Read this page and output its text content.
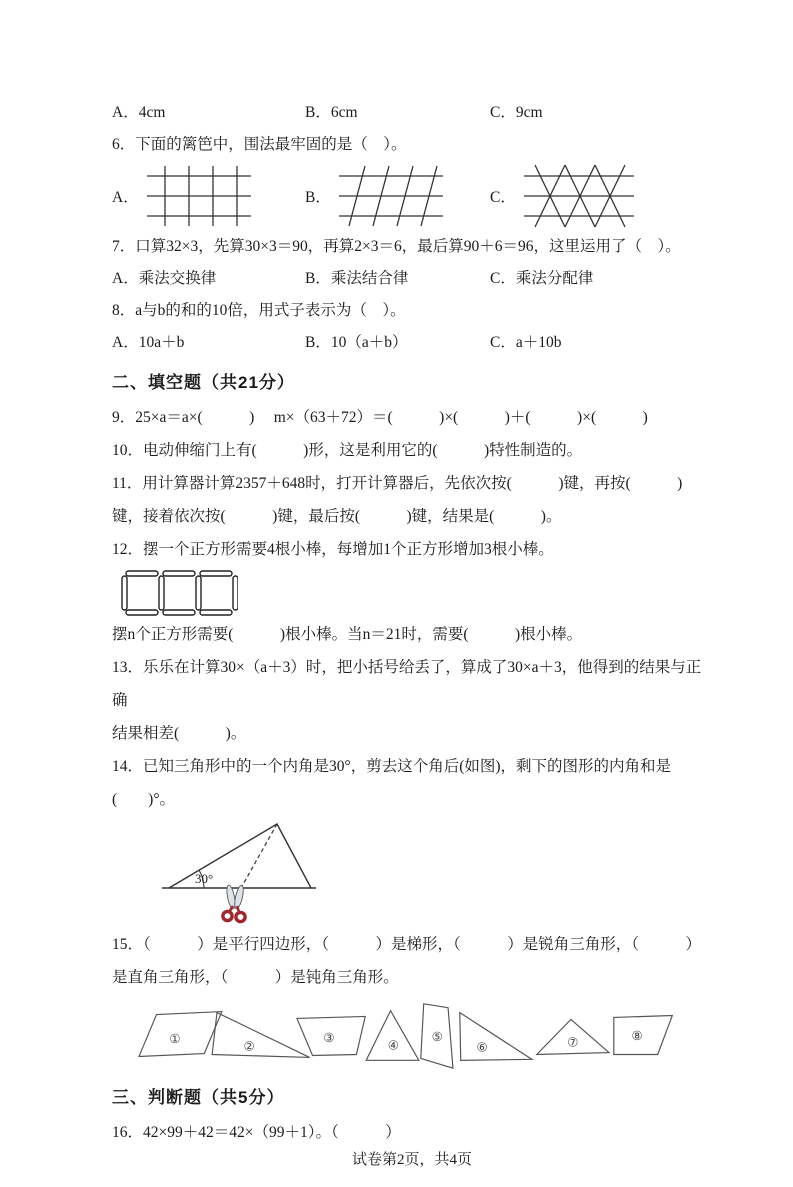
A．4cm	B．6cm	C．9cm
6．下面的篱笆中，围法最牢固的是（　）。
A．	B．	C．
7．口算32×3，先算30×3＝90，再算2×3＝6，最后算90＋6＝96，这里运用了（　）。
A．乘法交换律	B．乘法结合律	C．乘法分配律
8．a与b的和的10倍，用式子表示为（　）。
A．10a＋b	B．10（a＋b）	C．a＋10b
二、填空题（共21分）
9．25×a＝a×(　　　)　 m×（63＋72）＝(　　　)×(　　　)＋(　　　)×(　　　)
10．电动伸缩门上有(　　　)形，这是利用它的(　　　)特性制造的。
11．用计算器计算2357＋648时，打开计算器后，先依次按(　　　)键，再按(　　　)
键，接着依次按(　　　)键，最后按(　　　)键，结果是(　　　)。
12．摆一个正方形需要4根小棒，每增加1个正方形增加3根小棒。
摆n个正方形需要(　　　)根小棒。当n＝21时，需要(　　　)根小棒。
13．乐乐在计算30×（a＋3）时，把小括号给丢了，算成了30×a＋3，他得到的结果与正确
结果相差(　　　)。
14．已知三角形中的一个内角是30°，剪去这个角后(如图)，剩下的图形的内角和是(　　)°。
30°
15．（　　　）是平行四边形，（　　　）是梯形，（　　　）是锐角三角形，（　　　）
是直角三角形，（　　　）是钝角三角形。
①
②
③
④
⑤
⑥	⑦	⑧
三、判断题（共5分）
16．42×99＋42＝42×（99＋1）。（　　　）
试卷第2页，共4页
